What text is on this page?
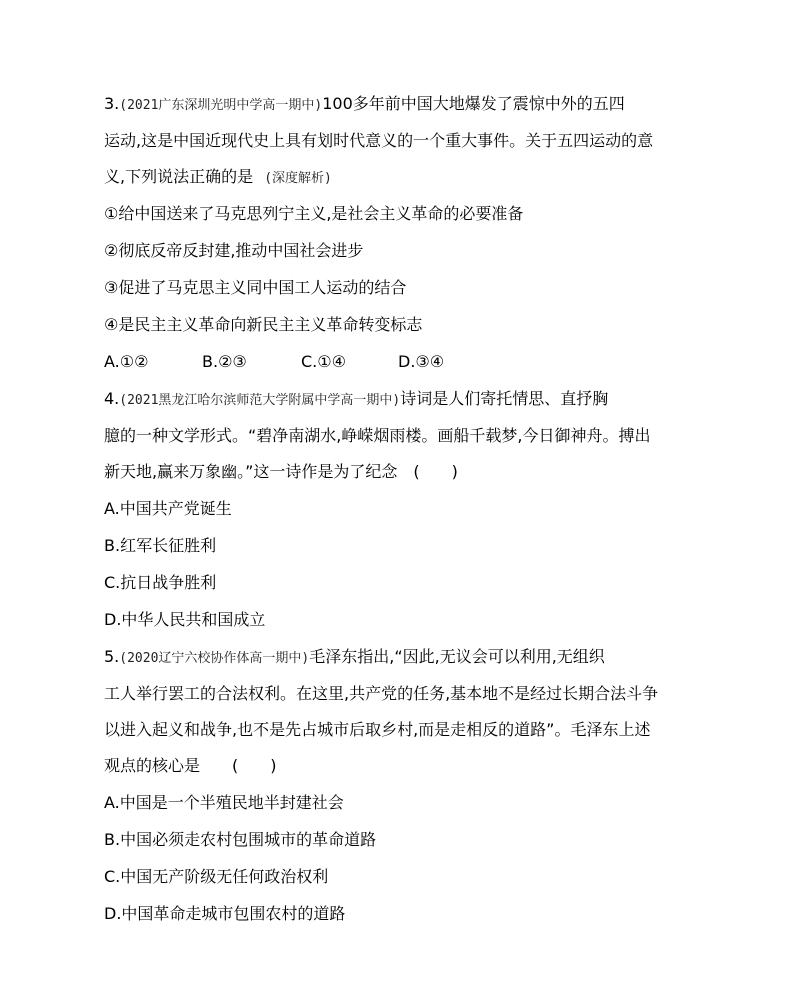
3.(2021广东深圳光明中学高一期中)100多年前中国大地爆发了震惊中外的五四
运动,这是中国近现代史上具有划时代意义的一个重大事件。关于五四运动的意
义,下列说法正确的是 (深度解析)
①给中国送来了马克思列宁主义,是社会主义革命的必要准备
②彻底反帝反封建,推动中国社会进步
③促进了马克思主义同中国工人运动的结合
④是民主主义革命向新民主主义革命转变标志
A.①②	B.②③	C.①④	D.③④
4.(2021黑龙江哈尔滨师范大学附属中学高一期中)诗词是人们寄托情思、直抒胸
臆的一种文学形式。“碧净南湖水,峥嵘烟雨楼。画船千载梦,今日御神舟。搏出
新天地,赢来万象幽。”这一诗作是为了纪念　(　　)
A.中国共产党诞生
B.红军长征胜利
C.抗日战争胜利
D.中华人民共和国成立
5.(2020辽宁六校协作体高一期中)毛泽东指出,“因此,无议会可以利用,无组织
工人举行罢工的合法权利。在这里,共产党的任务,基本地不是经过长期合法斗争
以进入起义和战争,也不是先占城市后取乡村,而是走相反的道路”。毛泽东上述
观点的核心是　　(　　)
A.中国是一个半殖民地半封建社会
B.中国必须走农村包围城市的革命道路
C.中国无产阶级无任何政治权利
D.中国革命走城市包围农村的道路
